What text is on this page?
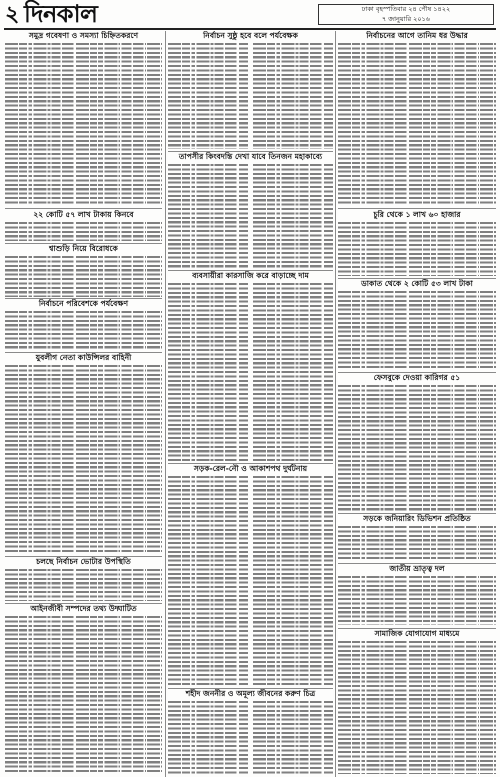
২ দিনকাল	ঢাকা বৃহস্পতিবার ২৪ পৌষ ১৪২২
৭ জানুয়ারি ২০১৬
সমুদ্র গবেষণা ও সমস্যা চিহ্নিতকরণে
২২ কোটি ৫৭ লাখ টাকায় কিনবে
শ্বাশুড়ি নিয়ে বিরোধকে
নির্বাচনে পরিবেশকে পর্যবেক্ষণ
যুবলীগ নেতা কাউন্সিলর বাহিনী
চলছে নির্বাচন ভোটার উপস্থিতি
আইনজীবী সম্পদের তথ্য উদ্ঘাটিত
নির্বাচন সুষ্ঠু হবে বলে পর্যবেক্ষক
তাপসীর কিংবদন্তি দেখা যাবে তিনজন মহাকাব্যে
ব্যবসায়ীরা কারসাজি করে বাড়াচ্ছে দাম
সড়ক-রেল-নৌ ও আকাশপথ দুর্ঘটনায়
শহীদ জননীর ও অমূল্য জীবনের করুণ চিত্র
নির্বাচনের আগে তানিম ধর উদ্ধার
চুরি থেকে ১ লাখ ৬০ হাজার
ডাকাত থেকে ২ কোটি ৫৩ লাখ টাকা
ফেসবুকে দেওয়া কারিগর ৫১
সড়কে জনিয়ারিং ডিভিশন প্রতিষ্ঠিত
জাতীয় ভ্রাতৃত্ব দল
সামাজিক যোগাযোগ মাধ্যমে
